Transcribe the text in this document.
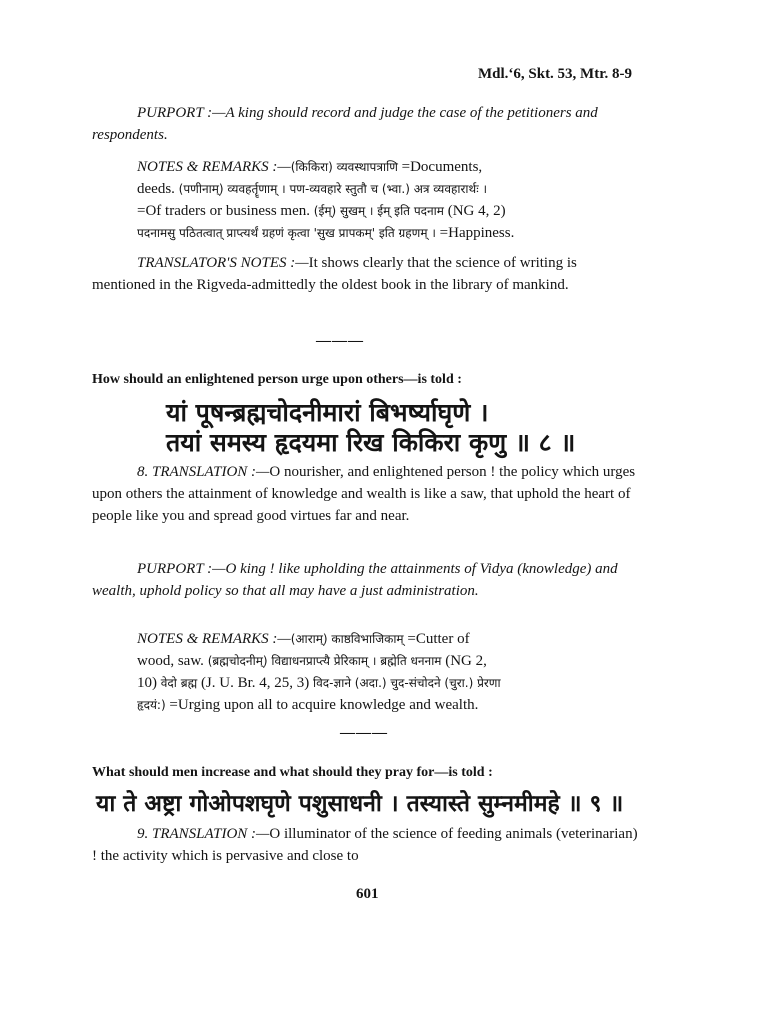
Mdl.ʻ6, Skt. 53, Mtr. 8-9

PURPORT :—A king should record and judge the case of the petitioners and respondents.

NOTES & REMARKS :—(किकिरा) व्यवस्थापत्राणि =Documents,

deeds. (पणीनाम्) व्यवहर्तॄणाम् । पण-व्यवहारे स्तुतौ च (भ्वा.) अत्र व्यवहारार्थः ।

=Of traders or business men. (ईम्) सुखम् । ईम् इति पदनाम (NG 4, 2)

पदनामसु पठितत्वात् प्राप्त्यर्थं ग्रहणं कृत्वा 'सुख प्रापकम्' इति ग्रहणम् । =Happiness.

TRANSLATOR'S NOTES :—It shows clearly that the science of writing is mentioned in the Rigveda-admittedly the oldest book in the library of mankind.

———
How should an enlightened person urge upon others—is told :
यां पूषन्ब्रह्मचोदनीमारां बिभर्ष्याघृणे ।
तयां समस्य हृदयमा रिख किकिरा कृणु ॥ ८ ॥

8. TRANSLATION :—O nourisher, and enlightened person ! the policy which urges upon others the attainment of knowledge and wealth is like a saw, that uphold the heart of people like you and spread good virtues far and near.

PURPORT :—O king ! like upholding the attainments of Vidya (knowledge) and wealth, uphold policy so that all may have a just administration.

NOTES & REMARKS :—(आराम्) काष्ठविभाजिकाम् =Cutter of

wood, saw. (ब्रह्मचोदनीम्) विद्याधनप्राप्त्यै प्रेरिकाम् । ब्रह्मेति धननाम (NG 2,

10) वेदो ब्रह्म (J. U. Br. 4, 25, 3) विद-ज्ञाने (अदा.) चुद-संचोदने (चुरा.) प्रेरणा

हृदयं:) =Urging upon all to acquire knowledge and wealth.

———
What should men increase and what should they pray for—is told :
या ते अष्ट्रा गोओपशघृणे पशुसाधनी । तस्यास्ते सुम्नमीमहे ॥ ९ ॥

9. TRANSLATION :—O illuminator of the science of feeding animals (veterinarian) ! the activity which is pervasive and close to

601
